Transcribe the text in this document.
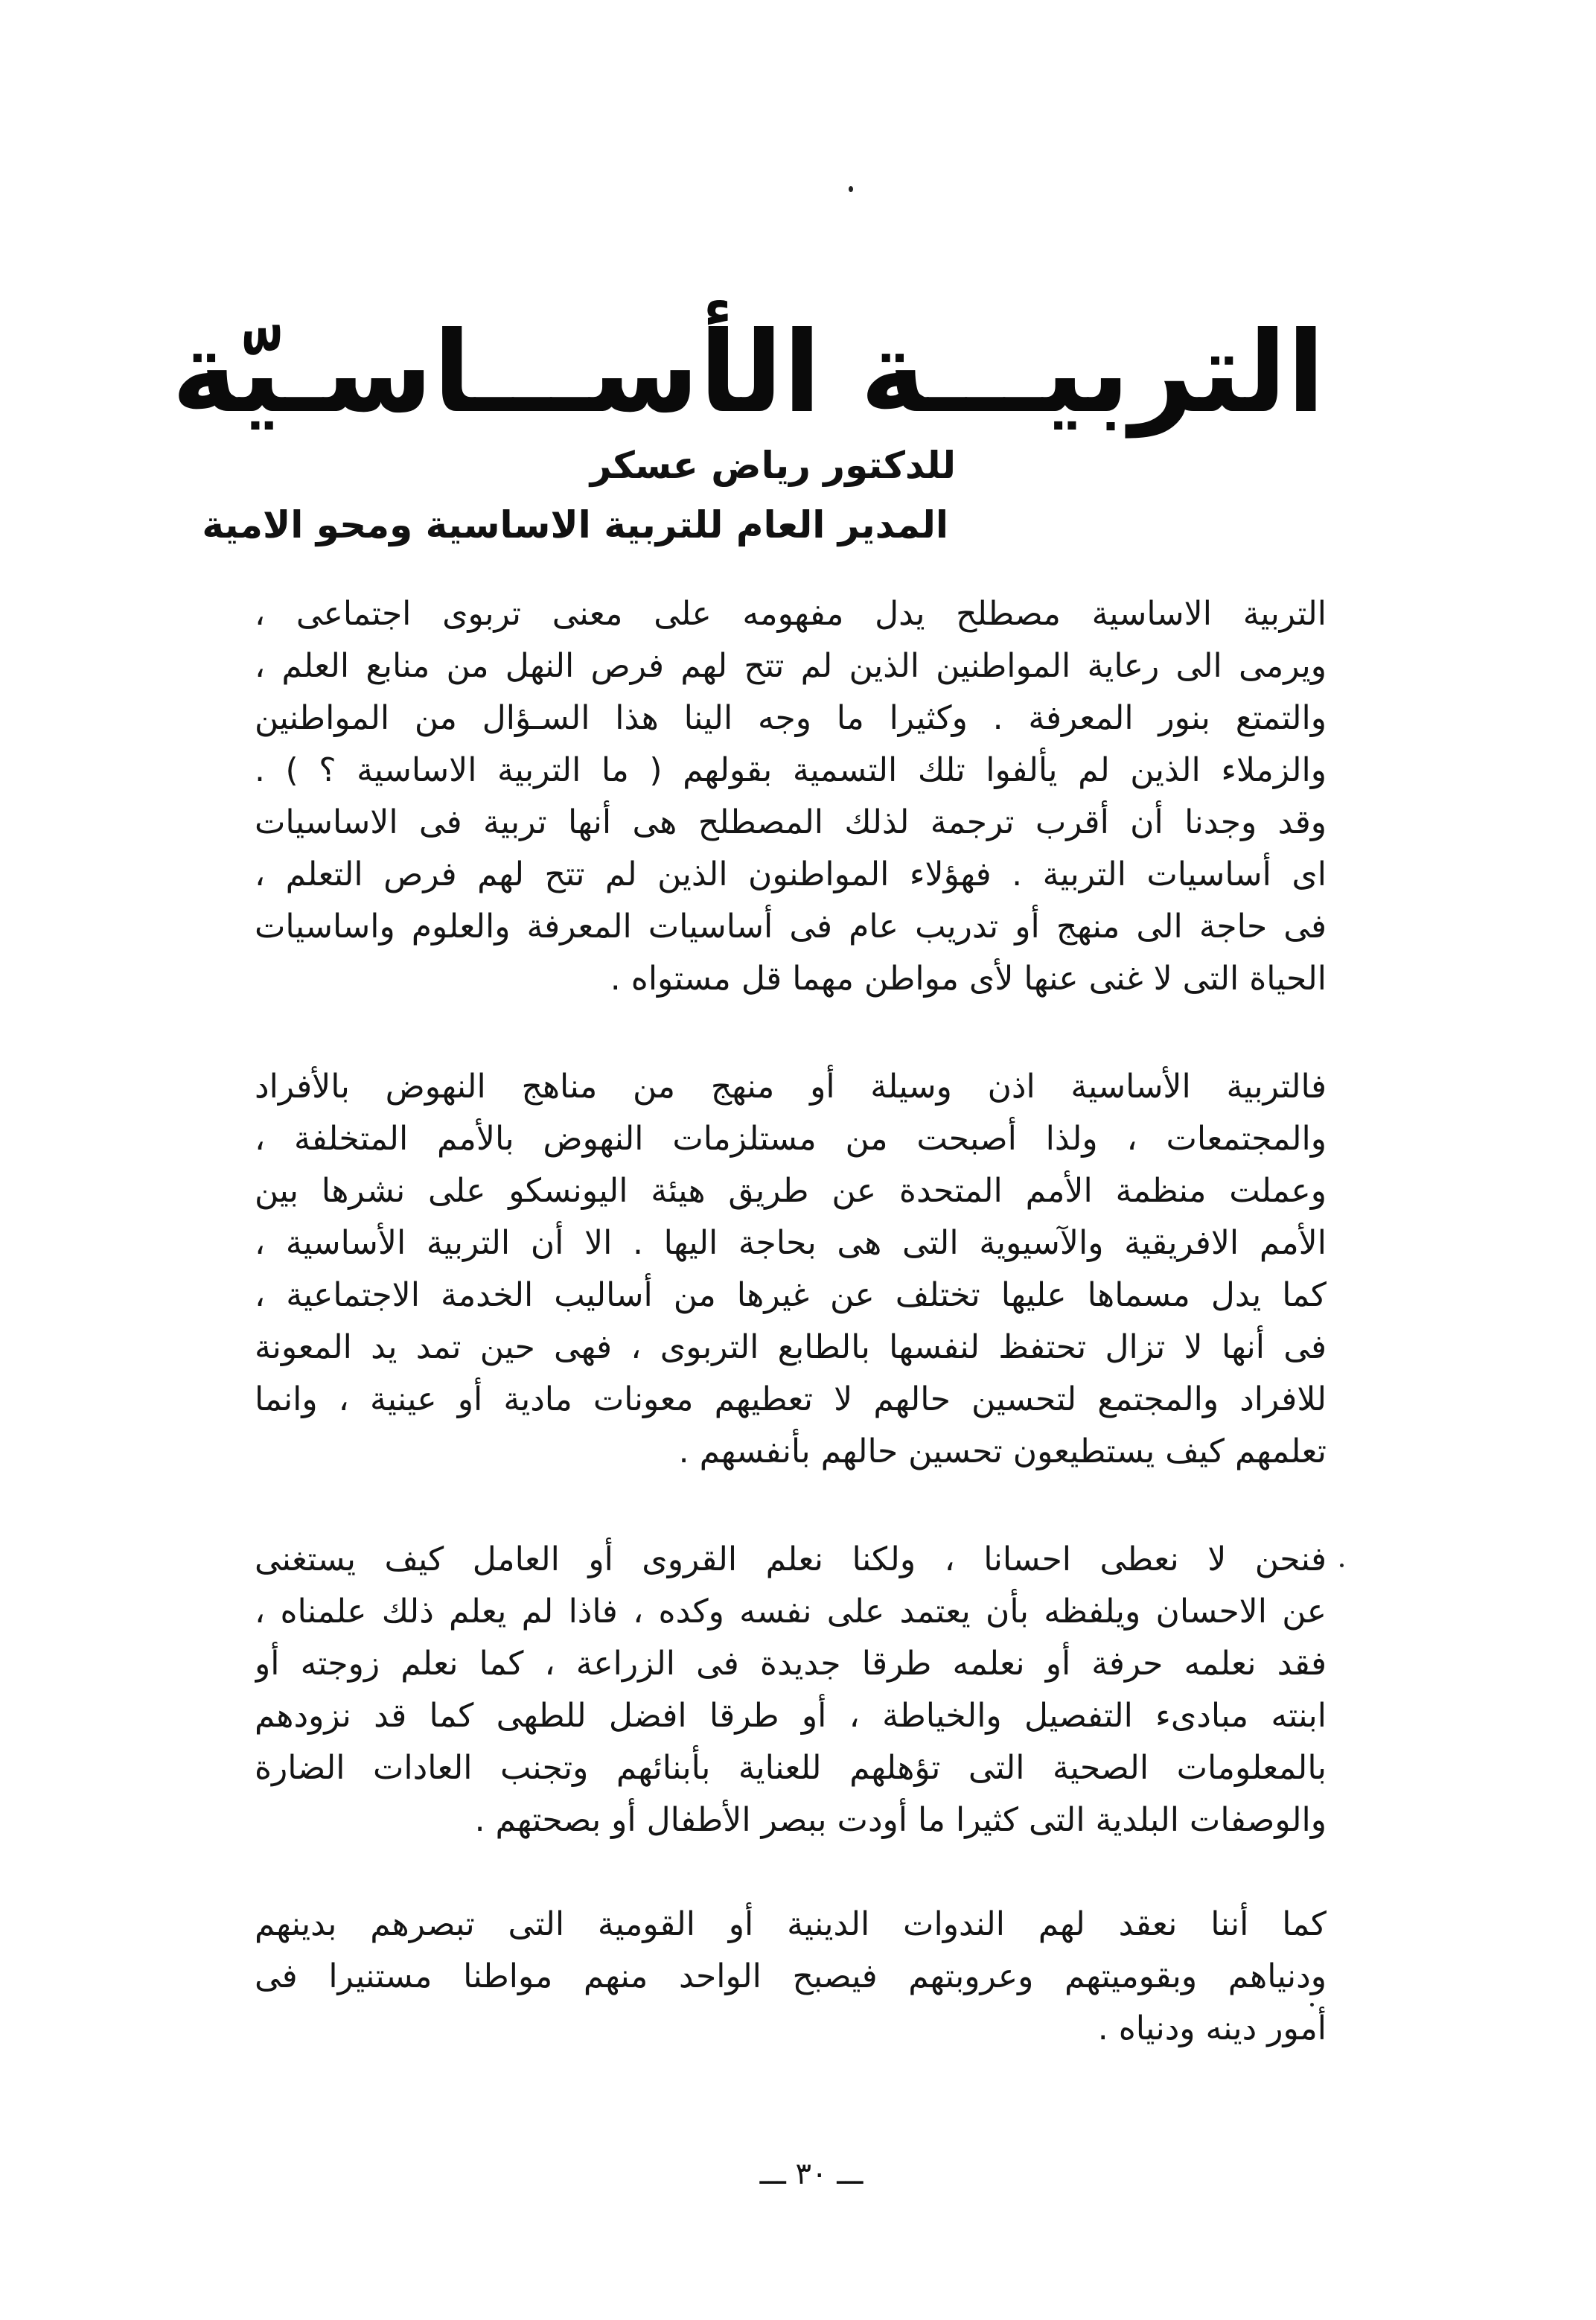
التربيـــة الأســـاسـيّة
للدكتور رياض عسكر
المدير العام للتربية الاساسية ومحو الامية
التربية الاساسية مصطلح يدل مفهومه على معنى تربوى اجتماعى ،
ويرمى الى رعاية المواطنين الذين لم تتح لهم فرص النهل من منابع العلم ،
والتمتع بنور المعرفة . وكثيرا ما وجه الينا هذا السـؤال من المواطنين
والزملاء الذين لم يألفوا تلك التسمية بقولهم ( ما التربية الاساسية ؟ ) .
وقد وجدنا أن أقرب ترجمة لذلك المصطلح هى أنها تربية فى الاساسيات
اى أساسيات التربية . فهؤلاء المواطنون الذين لم تتح لهم فرص التعلم ،
فى حاجة الى منهج أو تدريب عام فى أساسيات المعرفة والعلوم واساسيات
الحياة التى لا غنى عنها لأى مواطن مهما قل مستواه .
فالتربية الأساسية اذن وسيلة أو منهج من مناهج النهوض بالأفراد
والمجتمعات ، ولذا أصبحت من مستلزمات النهوض بالأمم المتخلفة ،
وعملت منظمة الأمم المتحدة عن طريق هيئة اليونسكو على نشرها بين
الأمم الافريقية والآسيوية التى هى بحاجة اليها . الا أن التربية الأساسية ،
كما يدل مسماها عليها تختلف عن غيرها من أساليب الخدمة الاجتماعية ،
فى أنها لا تزال تحتفظ لنفسها بالطابع التربوى ، فهى حين تمد يد المعونة
للافراد والمجتمع لتحسين حالهم لا تعطيهم معونات مادية أو عينية ، وانما
تعلمهم كيف يستطيعون تحسين حالهم بأنفسهم .
فنحن لا نعطى احسانا ، ولكنا نعلم القروى أو العامل كيف يستغنى
عن الاحسان ويلفظه بأن يعتمد على نفسه وكده ، فاذا لم يعلم ذلك علمناه ،
فقد نعلمه حرفة أو نعلمه طرقا جديدة فى الزراعة ، كما نعلم زوجته أو
ابنته مبادىء التفصيل والخياطة ، أو طرقا افضل للطهى كما قد نزودهم
بالمعلومات الصحية التى تؤهلهم للعناية بأبنائهم وتجنب العادات الضارة
والوصفات البلدية التى كثيرا ما أودت ببصر الأطفال أو بصحتهم .
كما أننا نعقد لهم الندوات الدينية أو القومية التى تبصرهم بدينهم
ودنياهم وبقوميتهم وعروبتهم فيصبح الواحد منهم مواطنا مستنيرا فى
أمور دينه ودنياه .
ـــ ٣٠ ـــ
